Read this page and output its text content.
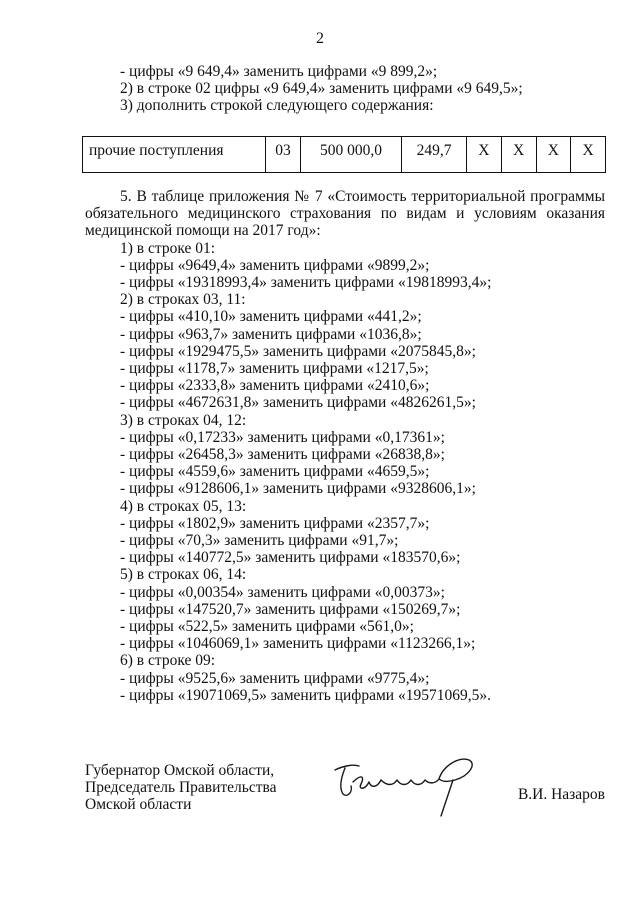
2
- цифры «9 649,4» заменить цифрами «9 899,2»;
2) в строке 02 цифры «9 649,4» заменить цифрами «9 649,5»;
3) дополнить строкой следующего содержания:
прочие поступления	03	500 000,0	249,7	Х	Х	Х	Х
5. В таблице приложения № 7 «Стоимость территориальной программы
обязательного медицинского страхования по видам и условиям оказания
медицинской помощи на 2017 год»:
1) в строке 01:
- цифры «9649,4» заменить цифрами «9899,2»;
- цифры «19318993,4» заменить цифрами «19818993,4»;
2) в строках 03, 11:
- цифры «410,10» заменить цифрами «441,2»;
- цифры «963,7» заменить цифрами «1036,8»;
- цифры «1929475,5» заменить цифрами «2075845,8»;
- цифры «1178,7» заменить цифрами «1217,5»;
- цифры «2333,8» заменить цифрами «2410,6»;
- цифры «4672631,8» заменить цифрами «4826261,5»;
3) в строках 04, 12:
- цифры «0,17233» заменить цифрами «0,17361»;
- цифры «26458,3» заменить цифрами «26838,8»;
- цифры «4559,6» заменить цифрами «4659,5»;
- цифры «9128606,1» заменить цифрами «9328606,1»;
4) в строках 05, 13:
- цифры «1802,9» заменить цифрами «2357,7»;
- цифры «70,3» заменить цифрами «91,7»;
- цифры «140772,5» заменить цифрами «183570,6»;
5) в строках 06, 14:
- цифры «0,00354» заменить цифрами «0,00373»;
- цифры «147520,7» заменить цифрами «150269,7»;
- цифры «522,5» заменить цифрами «561,0»;
- цифры «1046069,1» заменить цифрами «1123266,1»;
6) в строке 09:
- цифры «9525,6» заменить цифрами «9775,4»;
- цифры «19071069,5» заменить цифрами «19571069,5».
Губернатор Омской области,
Председатель Правительства
Омской области
В.И. Назаров
